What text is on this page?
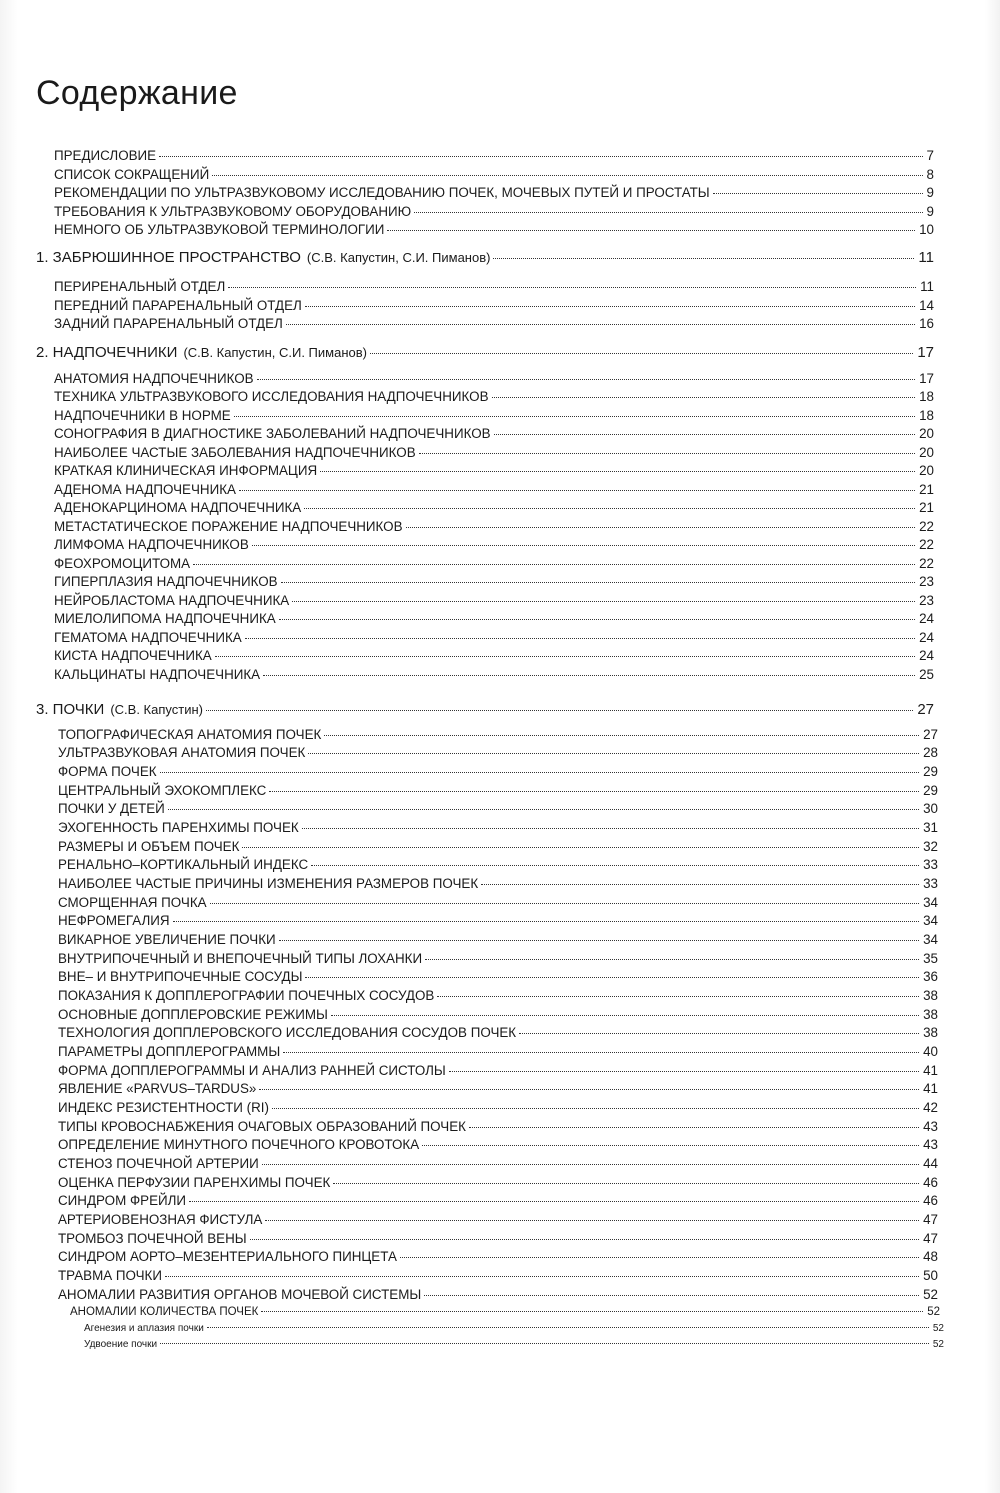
Содержание
ПРЕДИСЛОВИЕ	7
СПИСОК СОКРАЩЕНИЙ	8
РЕКОМЕНДАЦИИ ПО УЛЬТРАЗВУКОВОМУ ИССЛЕДОВАНИЮ ПОЧЕК, МОЧЕВЫХ ПУТЕЙ И ПРОСТАТЫ	9
ТРЕБОВАНИЯ К УЛЬТРАЗВУКОВОМУ ОБОРУДОВАНИЮ	9
НЕМНОГО ОБ УЛЬТРАЗВУКОВОЙ ТЕРМИНОЛОГИИ	10
1. ЗАБРЮШИННОЕ ПРОСТРАНСТВО (С.В. Капустин, С.И. Пиманов)	11
ПЕРИРЕНАЛЬНЫЙ ОТДЕЛ	11
ПЕРЕДНИЙ ПАРАРЕНАЛЬНЫЙ ОТДЕЛ	14
ЗАДНИЙ ПАРАРЕНАЛЬНЫЙ ОТДЕЛ	16
2. НАДПОЧЕЧНИКИ (С.В. Капустин, С.И. Пиманов)	17
АНАТОМИЯ НАДПОЧЕЧНИКОВ	17
ТЕХНИКА УЛЬТРАЗВУКОВОГО ИССЛЕДОВАНИЯ НАДПОЧЕЧНИКОВ	18
НАДПОЧЕЧНИКИ В НОРМЕ	18
СОНОГРАФИЯ В ДИАГНОСТИКЕ ЗАБОЛЕВАНИЙ НАДПОЧЕЧНИКОВ	20
НАИБОЛЕЕ ЧАСТЫЕ ЗАБОЛЕВАНИЯ НАДПОЧЕЧНИКОВ	20
КРАТКАЯ КЛИНИЧЕСКАЯ ИНФОРМАЦИЯ	20
АДЕНОМА НАДПОЧЕЧНИКА	21
АДЕНОКАРЦИНОМА НАДПОЧЕЧНИКА	21
МЕТАСТАТИЧЕСКОЕ ПОРАЖЕНИЕ НАДПОЧЕЧНИКОВ	22
ЛИМФОМА НАДПОЧЕЧНИКОВ	22
ФЕОХРОМОЦИТОМА	22
ГИПЕРПЛАЗИЯ НАДПОЧЕЧНИКОВ	23
НЕЙРОБЛАСТОМА НАДПОЧЕЧНИКА	23
МИЕЛОЛИПОМА НАДПОЧЕЧНИКА	24
ГЕМАТОМА НАДПОЧЕЧНИКА	24
КИСТА НАДПОЧЕЧНИКА	24
КАЛЬЦИНАТЫ НАДПОЧЕЧНИКА	25
3. ПОЧКИ (С.В. Капустин)	27
ТОПОГРАФИЧЕСКАЯ АНАТОМИЯ ПОЧЕК	27
УЛЬТРАЗВУКОВАЯ АНАТОМИЯ ПОЧЕК	28
ФОРМА ПОЧЕК	29
ЦЕНТРАЛЬНЫЙ ЭХОКОМПЛЕКС	29
ПОЧКИ У ДЕТЕЙ	30
ЭХОГЕННОСТЬ ПАРЕНХИМЫ ПОЧЕК	31
РАЗМЕРЫ И ОБЪЕМ ПОЧЕК	32
РЕНАЛЬНО–КОРТИКАЛЬНЫЙ ИНДЕКС	33
НАИБОЛЕЕ ЧАСТЫЕ ПРИЧИНЫ ИЗМЕНЕНИЯ РАЗМЕРОВ ПОЧЕК	33
СМОРЩЕННАЯ ПОЧКА	34
НЕФРОМЕГАЛИЯ	34
ВИКАРНОЕ УВЕЛИЧЕНИЕ ПОЧКИ	34
ВНУТРИПОЧЕЧНЫЙ И ВНЕПОЧЕЧНЫЙ ТИПЫ ЛОХАНКИ	35
ВНЕ– И ВНУТРИПОЧЕЧНЫЕ СОСУДЫ	36
ПОКАЗАНИЯ К ДОППЛЕРОГРАФИИ ПОЧЕЧНЫХ СОСУДОВ	38
ОСНОВНЫЕ ДОППЛЕРОВСКИЕ РЕЖИМЫ	38
ТЕХНОЛОГИЯ ДОППЛЕРОВСКОГО ИССЛЕДОВАНИЯ СОСУДОВ ПОЧЕК	38
ПАРАМЕТРЫ ДОППЛЕРОГРАММЫ	40
ФОРМА ДОППЛЕРОГРАММЫ И АНАЛИЗ РАННЕЙ СИСТОЛЫ	41
ЯВЛЕНИЕ «PARVUS–TARDUS»	41
ИНДЕКС РЕЗИСТЕНТНОСТИ (RI)	42
ТИПЫ КРОВОСНАБЖЕНИЯ ОЧАГОВЫХ ОБРАЗОВАНИЙ ПОЧЕК	43
ОПРЕДЕЛЕНИЕ МИНУТНОГО ПОЧЕЧНОГО КРОВОТОКА	43
СТЕНОЗ ПОЧЕЧНОЙ АРТЕРИИ	44
ОЦЕНКА ПЕРФУЗИИ ПАРЕНХИМЫ ПОЧЕК	46
СИНДРОМ ФРЕЙЛИ	46
АРТЕРИОВЕНОЗНАЯ ФИСТУЛА	47
ТРОМБОЗ ПОЧЕЧНОЙ ВЕНЫ	47
СИНДРОМ АОРТО–МЕЗЕНТЕРИАЛЬНОГО ПИНЦЕТА	48
ТРАВМА ПОЧКИ	50
АНОМАЛИИ РАЗВИТИЯ ОРГАНОВ МОЧЕВОЙ СИСТЕМЫ	52
АНОМАЛИИ КОЛИЧЕСТВА ПОЧЕК	52
Агенезия и аплазия почки	52
Удвоение почки	52
